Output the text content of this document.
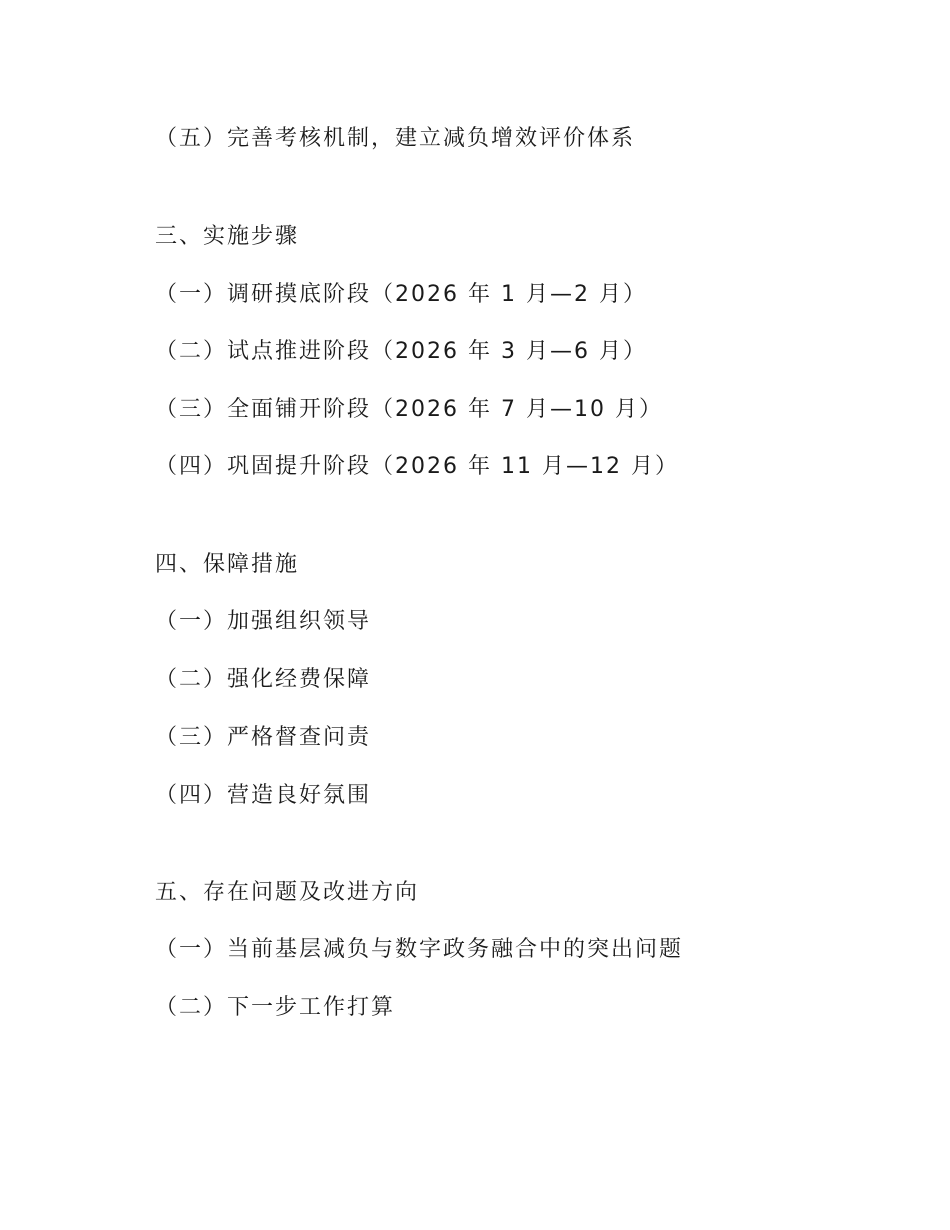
（五）完善考核机制，建立减负增效评价体系
三、实施步骤
（一）调研摸底阶段（2026 年 1 月—2 月）
（二）试点推进阶段（2026 年 3 月—6 月）
（三）全面铺开阶段（2026 年 7 月—10 月）
（四）巩固提升阶段（2026 年 11 月—12 月）
四、保障措施
（一）加强组织领导
（二）强化经费保障
（三）严格督查问责
（四）营造良好氛围
五、存在问题及改进方向
（一）当前基层减负与数字政务融合中的突出问题
（二）下一步工作打算
